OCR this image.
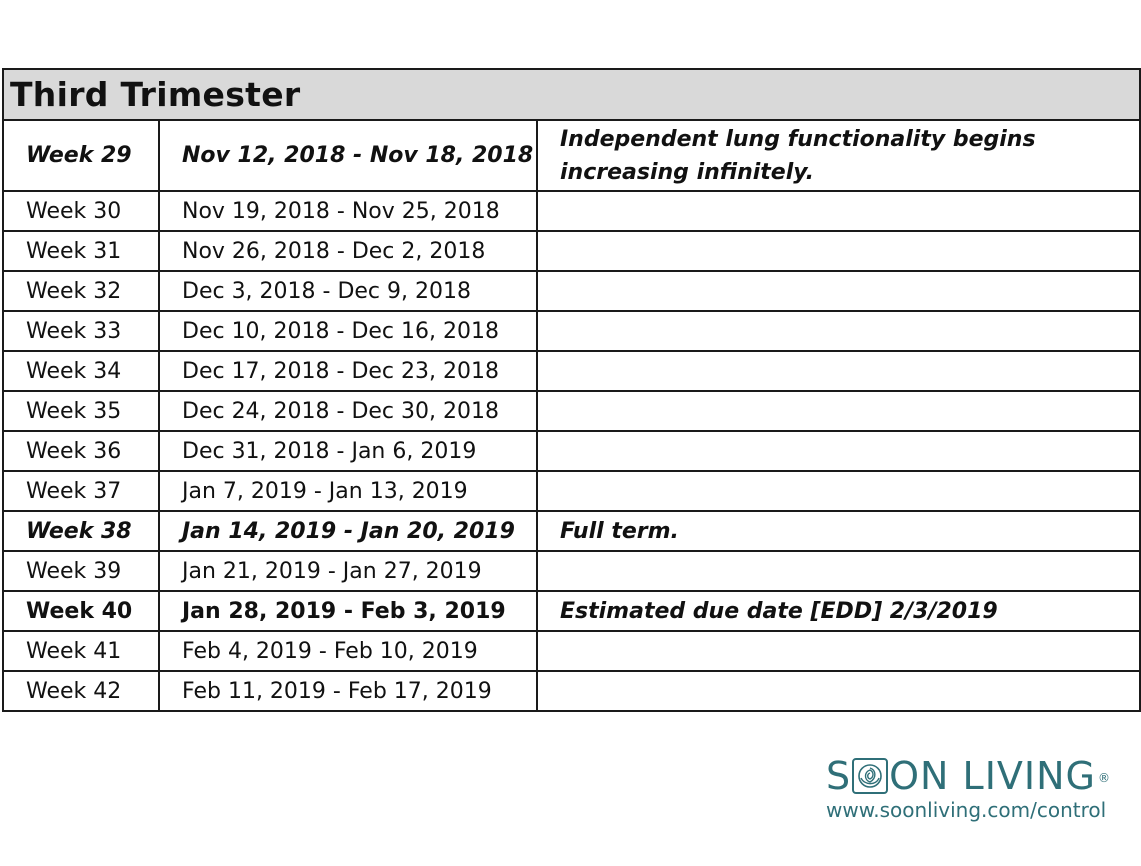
Third Trimester		
Week 29	Nov 12, 2018 - Nov 18, 2018	Independent lung functionality begins increasing infinitely.
Week 30	Nov 19, 2018 - Nov 25, 2018	
Week 31	Nov 26, 2018 - Dec 2, 2018	
Week 32	Dec 3, 2018 - Dec 9, 2018	
Week 33	Dec 10, 2018 - Dec 16, 2018	
Week 34	Dec 17, 2018 - Dec 23, 2018	
Week 35	Dec 24, 2018 - Dec 30, 2018	
Week 36	Dec 31, 2018 - Jan 6, 2019	
Week 37	Jan 7, 2019 - Jan 13, 2019	
Week 38	Jan 14, 2019 - Jan 20, 2019	Full term.
Week 39	Jan 21, 2019 - Jan 27, 2019	
Week 40	Jan 28, 2019 - Feb 3, 2019	Estimated due date [EDD] 2/3/2019
Week 41	Feb 4, 2019 - Feb 10, 2019	
Week 42	Feb 11, 2019 - Feb 17, 2019	
S ON LIVING ®
www.soonliving.com/control
